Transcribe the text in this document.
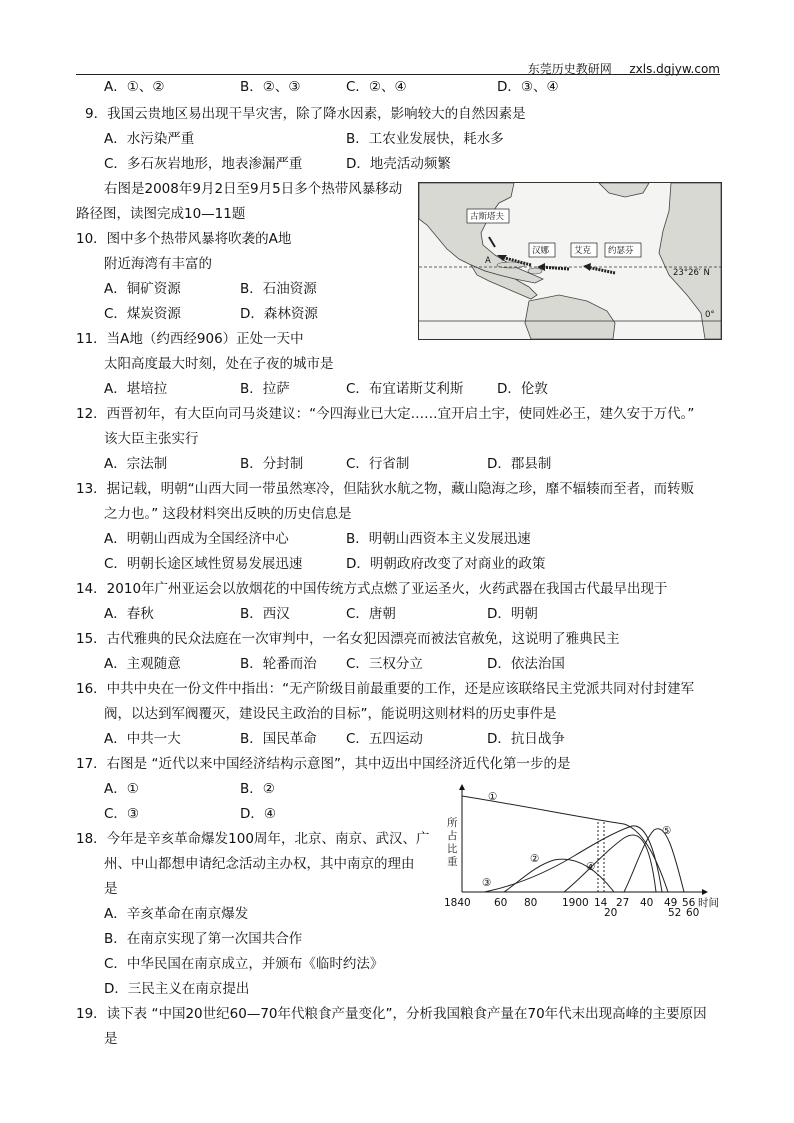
东莞历史教研网 zxls.dgjyw.com
A．①、②	B．②、③	C．②、④	D．③、④
9．我国云贵地区易出现干旱灾害，除了降水因素，影响较大的自然因素是
A．水污染严重	B．工农业发展快，耗水多
C．多石灰岩地形，地表渗漏严重	D．地壳活动频繁
右图是2008年9月2日至9月5日多个热带风暴移动
路径图，读图完成10—11题
10．图中多个热带风暴将吹袭的A地
附近海湾有丰富的
A．铜矿资源	B．石油资源
C．煤炭资源	D．森林资源
11．当A地（约西经906）正处一天中
太阳高度最大时刻，处在子夜的城市是
A．堪培拉	B．拉萨	C．布宜诺斯艾利斯 D．伦敦
古斯塔夫
汉娜	艾克 约瑟芬
A
23°26′ N
0°
12．西晋初年，有大臣向司马炎建议：“今四海业已大定……宜开启土宇，使同姓必王，建久安于万代。”
该大臣主张实行
A．宗法制	B．分封制	C．行省制	D．郡县制
13．据记载，明朝“山西大同一带虽然寒冷，但陆狄水航之物，藏山隐海之珍，靡不辐辏而至者，而转贩
之力也。” 这段材料突出反映的历史信息是
A．明朝山西成为全国经济中心	B．明朝山西资本主义发展迅速
C．明朝长途区域性贸易发展迅速	D．明朝政府改变了对商业的政策
14．2010年广州亚运会以放烟花的中国传统方式点燃了亚运圣火，火药武器在我国古代最早出现于
A．春秋	B．西汉	C．唐朝	D．明朝
15．古代雅典的民众法庭在一次审判中，一名女犯因漂亮而被法官赦免，这说明了雅典民主
A．主观随意	B．轮番而治 C．三权分立	D．依法治国
16．中共中央在一份文件中指出：“无产阶级目前最重要的工作，还是应该联络民主党派共同对付封建军
阀，以达到军阀覆灭，建设民主政治的目标”，能说明这则材料的历史事件是
A．中共一大	B．国民革命 C．五四运动	D．抗日战争
17．右图是 “近代以来中国经济结构示意图”，其中迈出中国经济近代化第一步的是
A．①	B．②
C．③	D．④
所
占
比
重
①
②
③
④
⑤
1840 60 80 1900 14 27 40 49 56
20	52 60
时间
18．今年是辛亥革命爆发100周年，北京、南京、武汉、广
州、中山都想申请纪念活动主办权，其中南京的理由
是
A．辛亥革命在南京爆发
B．在南京实现了第一次国共合作
C．中华民国在南京成立，并颁布《临时约法》
D．三民主义在南京提出
19．读下表 “中国20世纪60—70年代粮食产量变化”，分析我国粮食产量在70年代末出现高峰的主要原因
是
